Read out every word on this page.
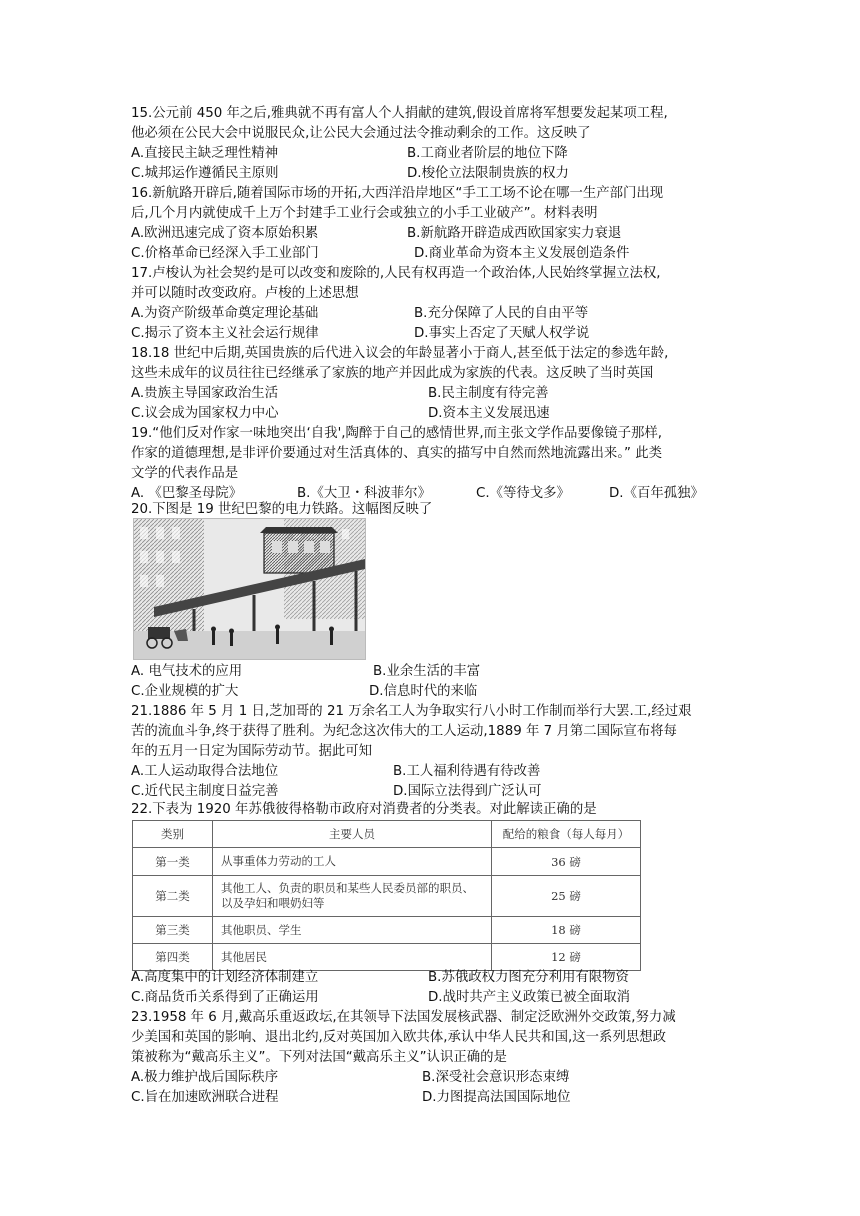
15.公元前 450 年之后,雅典就不再有富人个人捐献的建筑,假设首席将军想要发起某项工程,
他必须在公民大会中说服民众,让公民大会通过法令推动剩余的工作。这反映了
A.直接民主缺乏理性精神	B.工商业者阶层的地位下降
C.城邦运作遵循民主原则	D.梭伦立法限制贵族的权力
16.新航路开辟后,随着国际市场的开拓,大西洋沿岸地区“手工工场不论在哪一生产部门出现
后,几个月内就使成千上万个封建手工业行会或独立的小手工业破产”。材料表明
A.欧洲迅速完成了资本原始积累	B.新航路开辟造成西欧国家实力衰退
C.价格革命已经深入手工业部门	D.商业革命为资本主义发展创造条件
17.卢梭认为社会契约是可以改变和废除的,人民有权再造一个政治体,人民始终掌握立法权,
并可以随时改变政府。卢梭的上述思想
A.为资产阶级革命奠定理论基础	B.充分保障了人民的自由平等
C.揭示了资本主义社会运行规律	D.事实上否定了天赋人权学说
18.18 世纪中后期,英国贵族的后代进入议会的年龄显著小于商人,甚至低于法定的参选年龄,
这些未成年的议员往往已经继承了家族的地产并因此成为家族的代表。这反映了当时英国
A.贵族主导国家政治生活	B.民主制度有待完善
C.议会成为国家权力中心	D.资本主义发展迅速
19.“他们反对作家一味地突出‘自我',陶醉于自己的感情世界,而主张文学作品要像镜子那样,
作家的道德理想,是非评价要通过对生活真体的、真实的描写中自然而然地流露出来。” 此类
文学的代表作品是
A. 《巴黎圣母院》	B.《大卫・科波菲尔》	C.《等待戈多》	D.《百年孤独》
20.下图是 19 世纪巴黎的电力铁路。这幅图反映了
A. 电气技术的应用	B.业余生活的丰富
C.企业规模的扩大	D.信息时代的来临
21.1886 年 5 月 1 日,芝加哥的 21 万余名工人为争取实行八小时工作制而举行大罢.工,经过艰
苦的流血斗争,终于获得了胜利。为纪念这次伟大的工人运动,1889 年 7 月第二国际宣布将每
年的五月一日定为国际劳动节。据此可知
A.工人运动取得合法地位	B.工人福利待遇有待改善
C.近代民主制度日益完善	D.国际立法得到广泛认可
22.下表为 1920 年苏俄彼得格勒市政府对消费者的分类表。对此解读正确的是
类别	主要人员	配给的粮食（每人每月）
第一类	从事重体力劳动的工人	36 磅
第二类	其他工人、负责的职员和某些人民委员部的职员、以及孕妇和喂奶妇等	25 磅
第三类	其他职员、学生	18 磅
第四类	其他居民	12 磅
A.高度集中的计划经济体制建立	B.苏俄政权力图充分利用有限物资
C.商品货币关系得到了正确运用	D.战时共产主义政策已被全面取消
23.1958 年 6 月,戴高乐重返政坛,在其领导下法国发展核武器、制定泛欧洲外交政策,努力减
少美国和英国的影响、退出北约,反对英国加入欧共体,承认中华人民共和国,这一系列思想政
策被称为“戴高乐主义”。下列对法国“戴高乐主义”认识正确的是
A.极力维护战后国际秩序	B.深受社会意识形态束缚
C.旨在加速欧洲联合进程	D.力图提高法国国际地位
